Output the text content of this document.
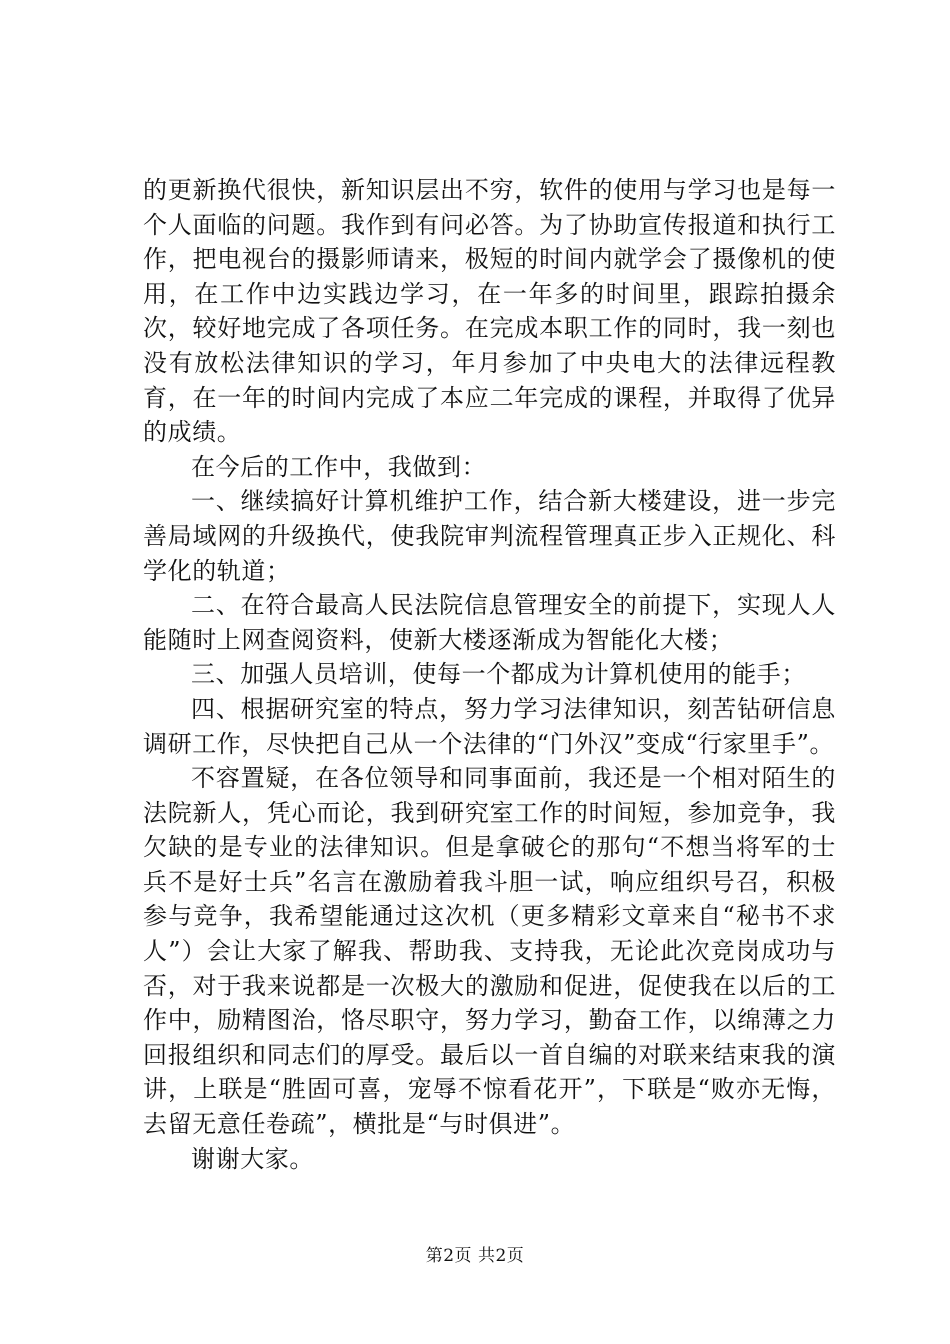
的更新换代很快，新知识层出不穷，软件的使用与学习也是每一个人面临的问题。我作到有问必答。为了协助宣传报道和执行工作，把电视台的摄影师请来，极短的时间内就学会了摄像机的使用，在工作中边实践边学习，在一年多的时间里，跟踪拍摄余次，较好地完成了各项任务。在完成本职工作的同时，我一刻也没有放松法律知识的学习，年月参加了中央电大的法律远程教育，在一年的时间内完成了本应二年完成的课程，并取得了优异的成绩。

在今后的工作中，我做到：

一、继续搞好计算机维护工作，结合新大楼建设，进一步完善局域网的升级换代，使我院审判流程管理真正步入正规化、科学化的轨道；

二、在符合最高人民法院信息管理安全的前提下，实现人人能随时上网查阅资料，使新大楼逐渐成为智能化大楼；

三、加强人员培训，使每一个都成为计算机使用的能手；

四、根据研究室的特点，努力学习法律知识，刻苦钻研信息调研工作，尽快把自己从一个法律的“门外汉”变成“行家里手”。

不容置疑，在各位领导和同事面前，我还是一个相对陌生的法院新人，凭心而论，我到研究室工作的时间短，参加竞争，我欠缺的是专业的法律知识。但是拿破仑的那句“不想当将军的士兵不是好士兵”名言在激励着我斗胆一试，响应组织号召，积极参与竞争，我希望能通过这次机（更多精彩文章来自“秘书不求人”）会让大家了解我、帮助我、支持我，无论此次竞岗成功与否，对于我来说都是一次极大的激励和促进，促使我在以后的工作中，励精图治，恪尽职守，努力学习，勤奋工作，以绵薄之力回报组织和同志们的厚受。最后以一首自编的对联来结束我的演讲，上联是“胜固可喜，宠辱不惊看花开”，下联是“败亦无悔，去留无意任卷疏”，横批是“与时俱进”。

谢谢大家。

第2页 共2页
